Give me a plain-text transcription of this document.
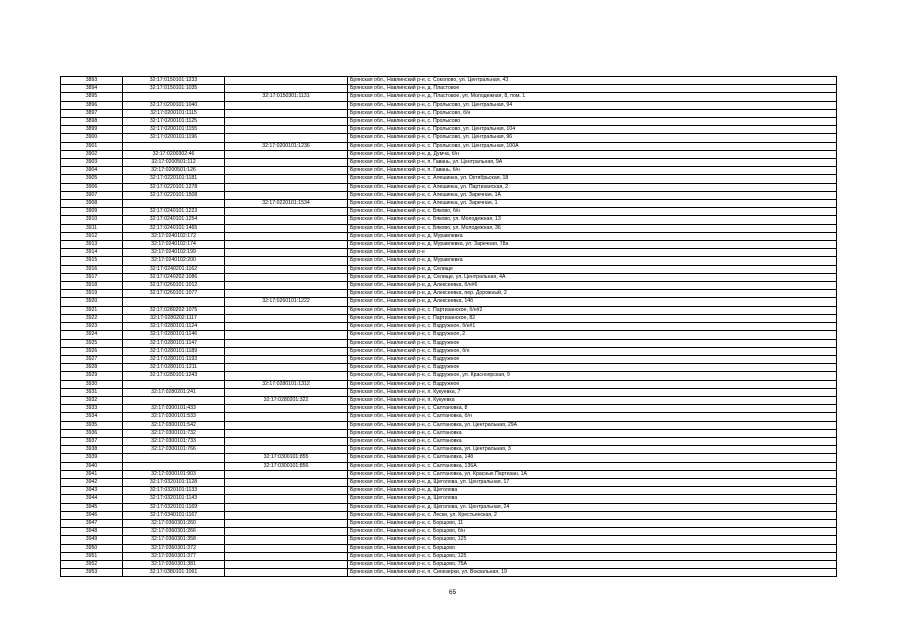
3893	32:17:0150101:1233		Брянская обл., Навлинский р-н, с. Соколово, ул. Центральная, 43
3894	32:17:0150101:1035		Брянская обл., Навлинский р-н, д. Пластовое
3895		32:17:0150301:1131	Брянская обл., Навлинский р-н, д. Пластовое, ул. Молодежная, 8, пом. 1
3896	32:17:0200101:1040		Брянская обл., Навлинский р-н, с. Пролысово, ул. Центральная, 94
3897	32:17:0200101:1115		Брянская обл., Навлинский р-н, с. Пролысово, б/н
3898	32:17:0200101:1125		Брянская обл., Навлинский р-н, с. Пролысово
3899	32:17:0200101:1155		Брянская обл., Навлинский р-н, с. Пролысово, ул. Центральная, 104
3900	32:17:0200101:1196		Брянская обл., Навлинский р-н, с. Пролысово, ул. Центральная, 96
3901		32:17:0200101:1236	Брянская обл., Навлинский р-н, с. Пролысово, ул. Центральная, 100А
3902	32:17:0200302:46		Брянская обл., Навлинский р-н, д. Думча, б/н
3903	32:17:0200501:112		Брянская обл., Навлинский р-н, п. Гавань, ул. Центральная, 9А
3904	32:17:0200501:126		Брянская обл., Навлинский р-н, п. Гавань, б/н
3905	32:17:0220101:1181		Брянская обл., Навлинский р-н, с. Алешинка, ул. Октябрьская, 18
3906	32:17:0220101:1278		Брянская обл., Навлинский р-н, с. Алешинка, ул. Партизанская, 2
3907	32:17:0220101:1508		Брянская обл., Навлинский р-н, с. Алешинка, ул. Заречная, 1А
3908		32:17:0220101:1534	Брянская обл., Навлинский р-н, с. Алешинка, ул. Заречная, 1
3909	32:17:0240101:1223		Брянская обл., Навлинский р-н, с. Бяково, б/н
3910	32:17:0240101:1254		Брянская обл., Навлинский р-н, с. Бяково, ул. Молодежная, 13
3911	32:17:0240101:1465		Брянская обл., Навлинский р-н, с. Бяково, ул. Молодежная, 36
3912	32:17:0240102:172		Брянская обл., Навлинский р-н, д. Муравлевка
3913	32:17:0240102:174		Брянская обл., Навлинский р-н, д. Муравлевка, ул. Заречная, 78а
3914	32:17:0240102:199		Брянская обл., Навлинский р-н
3915	32:17:0240102:200		Брянская обл., Навлинский р-н, д. Муравлевка
3916	32:17:0240201:1162		Брянская обл., Навлинский р-н, д. Селище
3917	32:17:0240202:1086		Брянская обл., Навлинский р-н, д. Селище, ул. Центральная, 4А
3918	32:17:0260101:1012		Брянская обл., Навлинский р-н, д. Алексеевка, б/н#6
3919	32:17:0260101:1077		Брянская обл., Навлинский р-н, д. Алексеевка, пер. Дорожный, 2
3920		32:17:0260101:1222	Брянская обл., Навлинский р-н, д. Алексеевка, 14б
3921	32:17:0280202:1075		Брянская обл., Навлинский р-н, с. Партизанское, б/н#2
3922	32:17:0280202:1117		Брянская обл., Навлинский р-н, с. Партизанское, 82
3923	32:17:0280101:1124		Брянская обл., Навлинский р-н, с. Вздружное, б/н#1
3924	32:17:0280101:1146		Брянская обл., Навлинский р-н, с. Вздружное, 2
3925	32:17:0280101:1147		Брянская обл., Навлинский р-н, с. Вздружное
3926	32:17:0280101:1189		Брянская обл., Навлинский р-н, с. Вздружное, б/н
3927	32:17:0280101:1193		Брянская обл., Навлинский р-н, с. Вздружное
3928	32:17:0280101:1211		Брянская обл., Навлинский р-н, с. Вздружное
3929	32:17:0280101:1243		Брянская обл., Навлинский р-н, с. Вздружное, ул. Красноярская, 9
3930		32:17:0280101:1312	Брянская обл., Навлинский р-н, с. Вздружное
3931	32:17:0280201:241		Брянская обл., Навлинский р-н, п. Кукуевка, 7
3932		32:17:0280201:322	Брянская обл., Навлинский р-н, п. Кукуевка
3933	32:17:0300101:433		Брянская обл., Навлинский р-н, с. Салтановка, 8
3934	32:17:0300101:533		Брянская обл., Навлинский р-н, с. Салтановка, б/н
3935	32:17:0300101:542		Брянская обл., Навлинский р-н, с. Салтановка, ул. Центральная, 29А
3936	32:17:0300101:732		Брянская обл., Навлинский р-н, с. Салтановка
3937	32:17:0300101:733		Брянская обл., Навлинский р-н, с. Салтановка
3938	32:17:0300101:766		Брянская обл., Навлинский р-н, с. Салтановка, ул. Центральная, 3
3939		32:17:0300101:855	Брянская обл., Навлинский р-н, с. Салтановка, 14б
3940		32:17:0300101:856	Брянская обл., Навлинский р-н, с. Салтановка, 136А
3941	32:17:0300101:903		Брянская обл., Навлинский р-н, с. Салтановка, ул. Красных Партизан, 1А
3942	32:17:0320101:1128		Брянская обл., Навлинский р-н, д. Щеголова, ул. Центральная, 17
3943	32:17:0320101:1133		Брянская обл., Навлинский р-н, д. Щеголова
3944	32:17:0320101:1143		Брянская обл., Навлинский р-н, д. Щеголова
3945	32:17:0320101:1169		Брянская обл., Навлинский р-н, д. Щеголова, ул. Центральная, 24
3946	32:17:0340101:1167		Брянская обл., Навлинский р-н, с. Лески, ул. Крестьянская, 2
3947	32:17:0360301:260		Брянская обл., Навлинский р-н, с. Борщово, 11
3948	32:17:0360301:266		Брянская обл., Навлинский р-н, с. Борщово, б/н
3949	32:17:0360301:358		Брянская обл., Навлинский р-н, с. Борщово, 125
3950	32:17:0360301:372		Брянская обл., Навлинский р-н, с. Борщово
3951	32:17:0360301:377		Брянская обл., Навлинский р-н, с. Борщово, 125
3952	32:17:0360301:381		Брянская обл., Навлинский р-н, с. Борщово, 75А
3953	32:17:0380101:1061		Брянская обл., Навлинский р-н, п. Синезерки, ул. Вокзальная, 19
65
